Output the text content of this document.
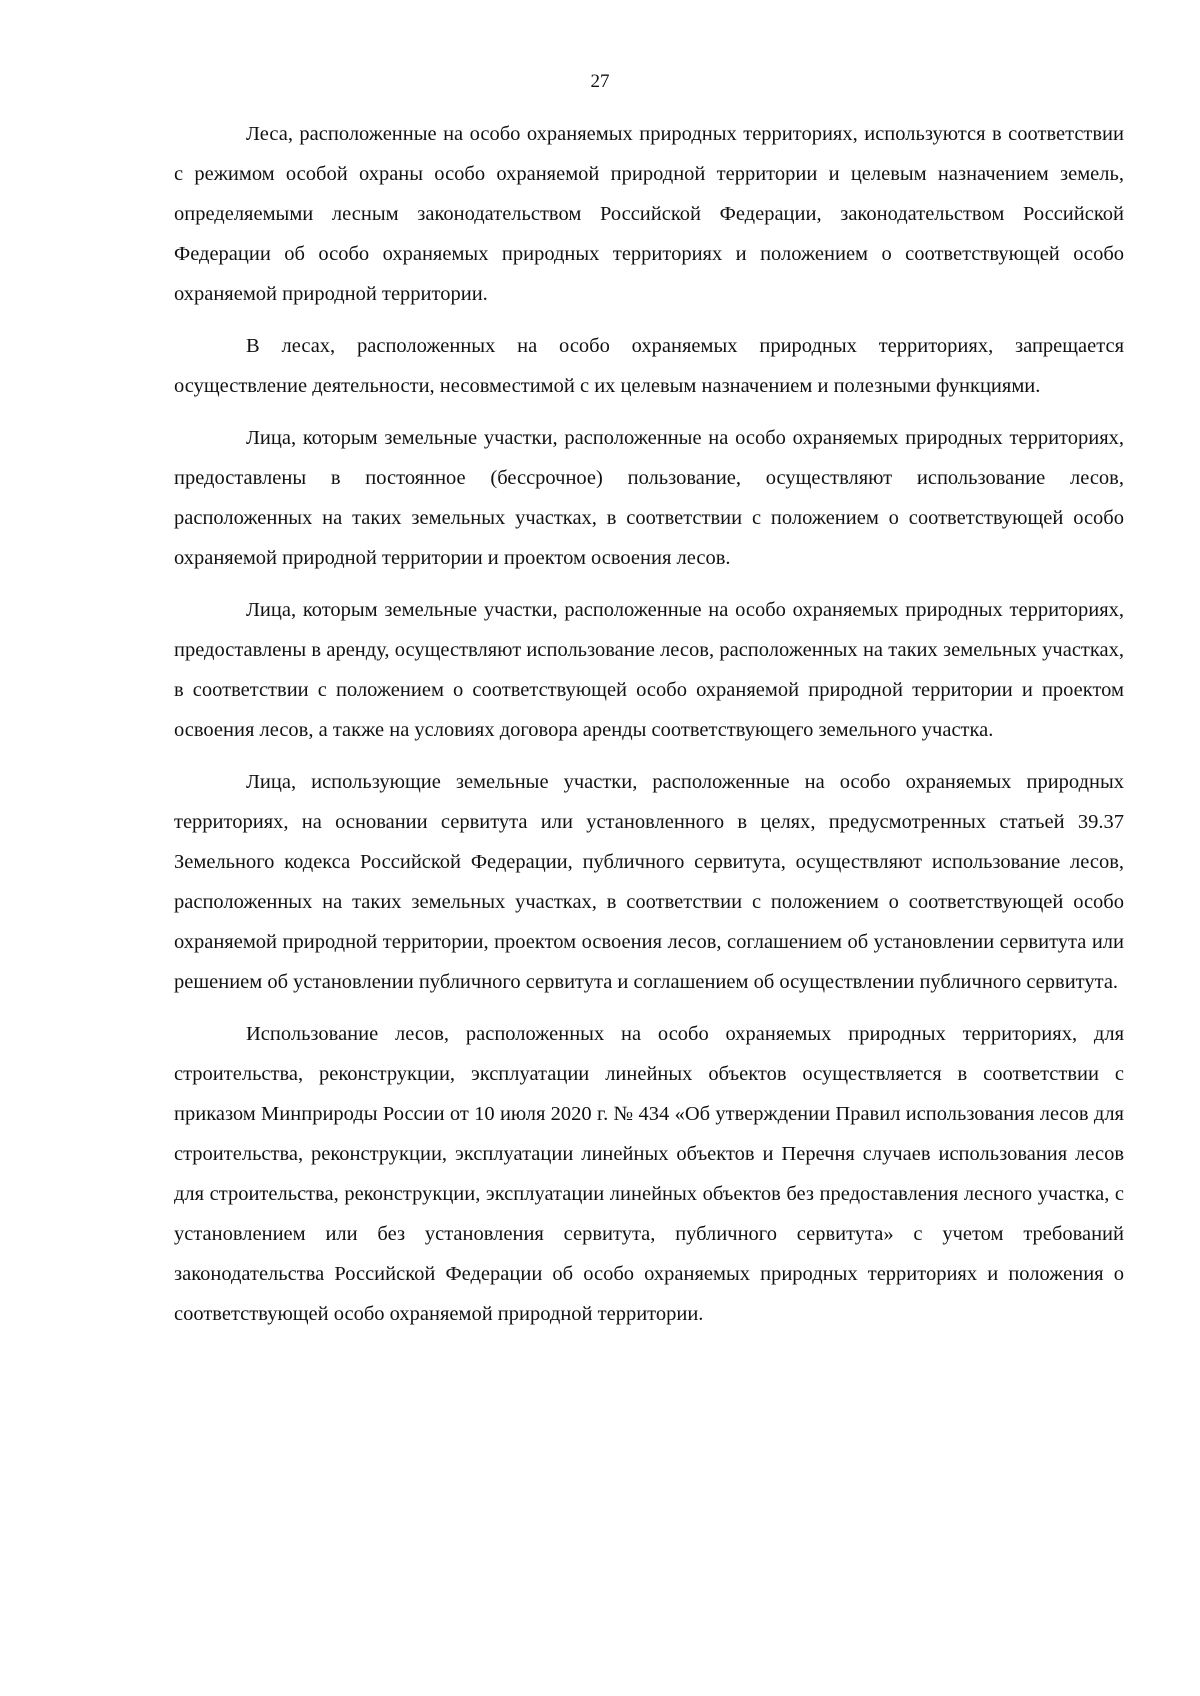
27

Леса, расположенные на особо охраняемых природных территориях, используются в соответствии с режимом особой охраны особо охраняемой природной территории и целевым назначением земель, определяемыми лесным законодательством Российской Федерации, законодательством Российской Федерации об особо охраняемых природных территориях и положением о соответствующей особо охраняемой природной территории.

В лесах, расположенных на особо охраняемых природных территориях, запрещается осуществление деятельности, несовместимой с их целевым назначением и полезными функциями.

Лица, которым земельные участки, расположенные на особо охраняемых природных территориях, предоставлены в постоянное (бессрочное) пользование, осуществляют использование лесов, расположенных на таких земельных участках, в соответствии с положением о соответствующей особо охраняемой природной территории и проектом освоения лесов.

Лица, которым земельные участки, расположенные на особо охраняемых природных территориях, предоставлены в аренду, осуществляют использование лесов, расположенных на таких земельных участках, в соответствии с положением о соответствующей особо охраняемой природной территории и проектом освоения лесов, а также на условиях договора аренды соответствующего земельного участка.

Лица, использующие земельные участки, расположенные на особо охраняемых природных территориях, на основании сервитута или установленного в целях, предусмотренных статьей 39.37 Земельного кодекса Российской Федерации, публичного сервитута, осуществляют использование лесов, расположенных на таких земельных участках, в соответствии с положением о соответствующей особо охраняемой природной территории, проектом освоения лесов, соглашением об установлении сервитута или решением об установлении публичного сервитута и соглашением об осуществлении публичного сервитута.

Использование лесов, расположенных на особо охраняемых природных территориях, для строительства, реконструкции, эксплуатации линейных объектов осуществляется в соответствии с приказом Минприроды России от 10 июля 2020 г. № 434 «Об утверждении Правил использования лесов для строительства, реконструкции, эксплуатации линейных объектов и Перечня случаев использования лесов для строительства, реконструкции, эксплуатации линейных объектов без предоставления лесного участка, с установлением или без установления сервитута, публичного сервитута» с учетом требований законодательства Российской Федерации об особо охраняемых природных территориях и положения о соответствующей особо охраняемой природной территории.
